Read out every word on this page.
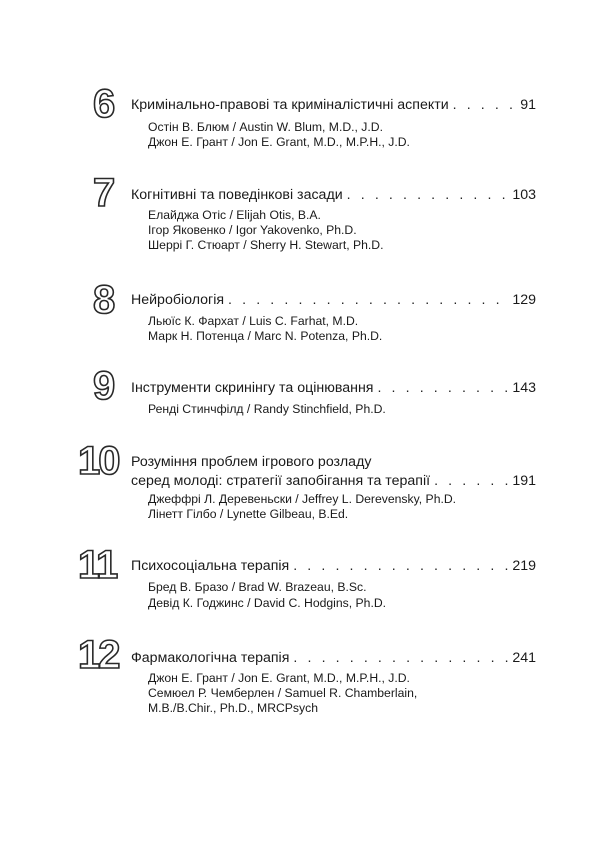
6 Кримінально-правові та криміналістичні аспекти . . .	91
Остін В. Блюм / Austin W. Blum, M.D., J.D.
Джон Е. Грант / Jon E. Grant, M.D., M.P.H., J.D.
7 Когнітивні та поведінкові засади . . .	103
Елайджа Отіс / Elijah Otis, B.A.
Ігор Яковенко / Igor Yakovenko, Ph.D.
Шеррі Г. Стюарт / Sherry H. Stewart, Ph.D.
8 Нейробіологія . . .	129
Льюїс К. Фархат / Luis C. Farhat, M.D.
Марк Н. Потенца / Marc N. Potenza, Ph.D.
9 Інструменти скринінгу та оцінювання . . .	143
Ренді Стинчфілд / Randy Stinchfield, Ph.D.
10 Розуміння проблем ігрового розладу
серед молоді: стратегії запобігання та терапії . . .	191
Джеффрі Л. Деревеньски / Jeffrey L. Derevensky, Ph.D.
Лінетт Гілбо / Lynette Gilbeau, B.Ed.
11 Психосоціальна терапія . . .	219
Бред В. Бразо / Brad W. Brazeau, B.Sc.
Девід К. Годжинс / David C. Hodgins, Ph.D.
12 Фармакологічна терапія . . .	241
Джон Е. Грант / Jon E. Grant, M.D., M.P.H., J.D.
Семюел Р. Чемберлен / Samuel R. Chamberlain,
M.B./B.Chir., Ph.D., MRCPsych
